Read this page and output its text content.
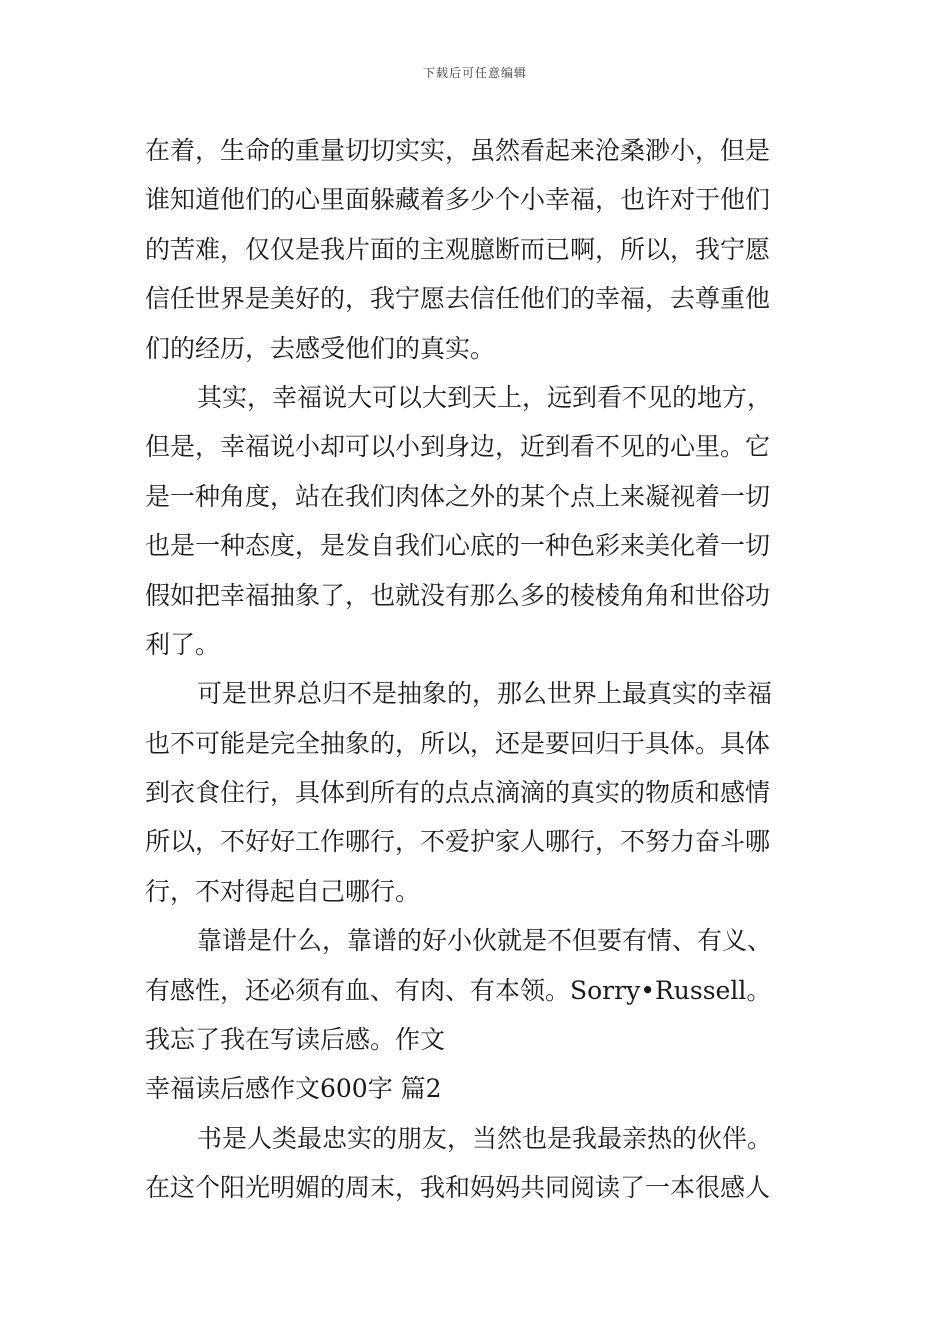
下载后可任意编辑
在着，生命的重量切切实实，虽然看起来沧桑渺小，但是
谁知道他们的心里面躲藏着多少个小幸福，也许对于他们
的苦难，仅仅是我片面的主观臆断而已啊，所以，我宁愿
信任世界是美好的，我宁愿去信任他们的幸福，去尊重他
们的经历，去感受他们的真实。
其实，幸福说大可以大到天上，远到看不见的地方，
但是，幸福说小却可以小到身边，近到看不见的心里。它
是一种角度，站在我们肉体之外的某个点上来凝视着一切
也是一种态度，是发自我们心底的一种色彩来美化着一切
假如把幸福抽象了，也就没有那么多的棱棱角角和世俗功
利了。
可是世界总归不是抽象的，那么世界上最真实的幸福
也不可能是完全抽象的，所以，还是要回归于具体。具体
到衣食住行，具体到所有的点点滴滴的真实的物质和感情
所以，不好好工作哪行，不爱护家人哪行，不努力奋斗哪
行，不对得起自己哪行。
靠谱是什么，靠谱的好小伙就是不但要有情、有义、
有感性，还必须有血、有肉、有本领。Sorry•Russell。
我忘了我在写读后感。作文
幸福读后感作文600字 篇2
书是人类最忠实的朋友，当然也是我最亲热的伙伴。
在这个阳光明媚的周末，我和妈妈共同阅读了一本很感人
